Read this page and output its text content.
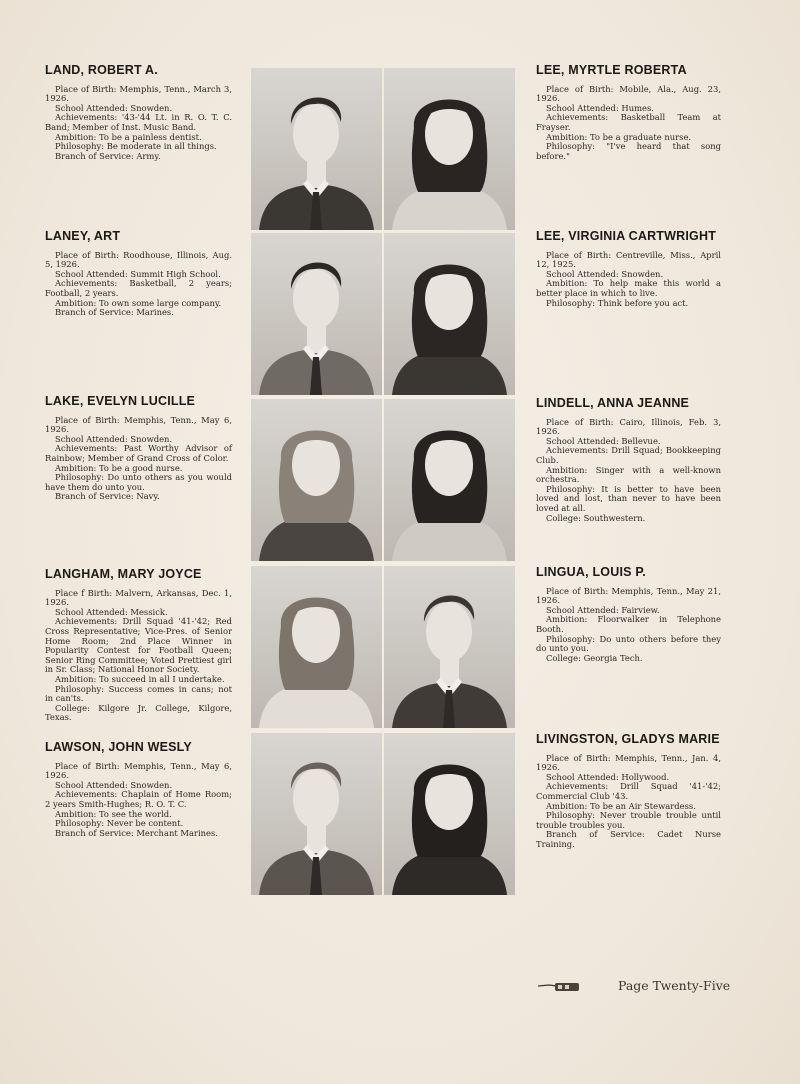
LAND, ROBERT A.

Place of Birth: Memphis, Tenn., March 3, 1926.

School Attended: Snowden.

Achievements: '43-'44 Lt. in R. O. T. C. Band; Member of Inst. Music Band.

Ambition: To be a painless dentist.

Philosophy: Be moderate in all things.

Branch of Service: Army.

LANEY, ART

Place of Birth: Roodhouse, Illinois, Aug. 5, 1926.

School Attended: Summit High School.

Achievements: Basketball, 2 years; Football, 2 years.

Ambition: To own some large company.

Branch of Service: Marines.

LAKE, EVELYN LUCILLE

Place of Birth: Memphis, Tenn., May 6, 1926.

School Attended: Snowden.

Achievements: Past Worthy Advisor of Rainbow; Member of Grand Cross of Color.

Ambition: To be a good nurse.

Philosophy: Do unto others as you would have them do unto you.

Branch of Service: Navy.

LANGHAM, MARY JOYCE

Place f Birth: Malvern, Arkansas, Dec. 1, 1926.

School Attended: Messick.

Achievements: Drill Squad '41-'42; Red Cross Representative; Vice-Pres. of Senior Home Room; 2nd Place Winner in Popularity Contest for Football Queen; Senior Ring Committee; Voted Prettiest girl in Sr. Class; National Honor Society.

Ambition: To succeed in all I undertake.

Philosophy: Success comes in cans; not in can'ts.

College: Kilgore Jr. College, Kilgore, Texas.

LAWSON, JOHN WESLY

Place of Birth: Memphis, Tenn., May 6, 1926.

School Attended: Snowden.

Achievements: Chaplain of Home Room; 2 years Smith-Hughes; R. O. T. C.

Ambition: To see the world.

Philosophy: Never be content.

Branch of Service: Merchant Marines.

LEE, MYRTLE ROBERTA

Place of Birth: Mobile, Ala., Aug. 23, 1926.

School Attended: Humes.

Achievements: Basketball Team at Frayser.

Ambition: To be a graduate nurse.

Philosophy: "I've heard that song before."

LEE, VIRGINIA CARTWRIGHT

Place of Birth: Centreville, Miss., April 12, 1925.

School Attended: Snowden.

Ambition: To help make this world a better place in which to live.

Philosophy: Think before you act.

LINDELL, ANNA JEANNE

Place of Birth: Cairo, Illinois, Feb. 3, 1926.

School Attended: Bellevue.

Achievements: Drill Squad; Bookkeeping Club.

Ambition: Singer with a well-known orchestra.

Philosophy: It is better to have been loved and lost, than never to have been loved at all.

College: Southwestern.

LINGUA, LOUIS P.

Place of Birth: Memphis, Tenn., May 21, 1926.

School Attended: Fairview.

Ambition: Floorwalker in Telephone Booth.

Philosophy: Do unto others before they do unto you.

College: Georgia Tech.

LIVINGSTON, GLADYS MARIE

Place of Birth: Memphis, Tenn., Jan. 4, 1926.

School Attended: Hollywood.

Achievements: Drill Squad '41-'42; Commercial Club '43.

Ambition: To be an Air Stewardess.

Philosophy: Never trouble trouble until trouble troubles you.

Branch of Service: Cadet Nurse Training.

Page Twenty-Five
